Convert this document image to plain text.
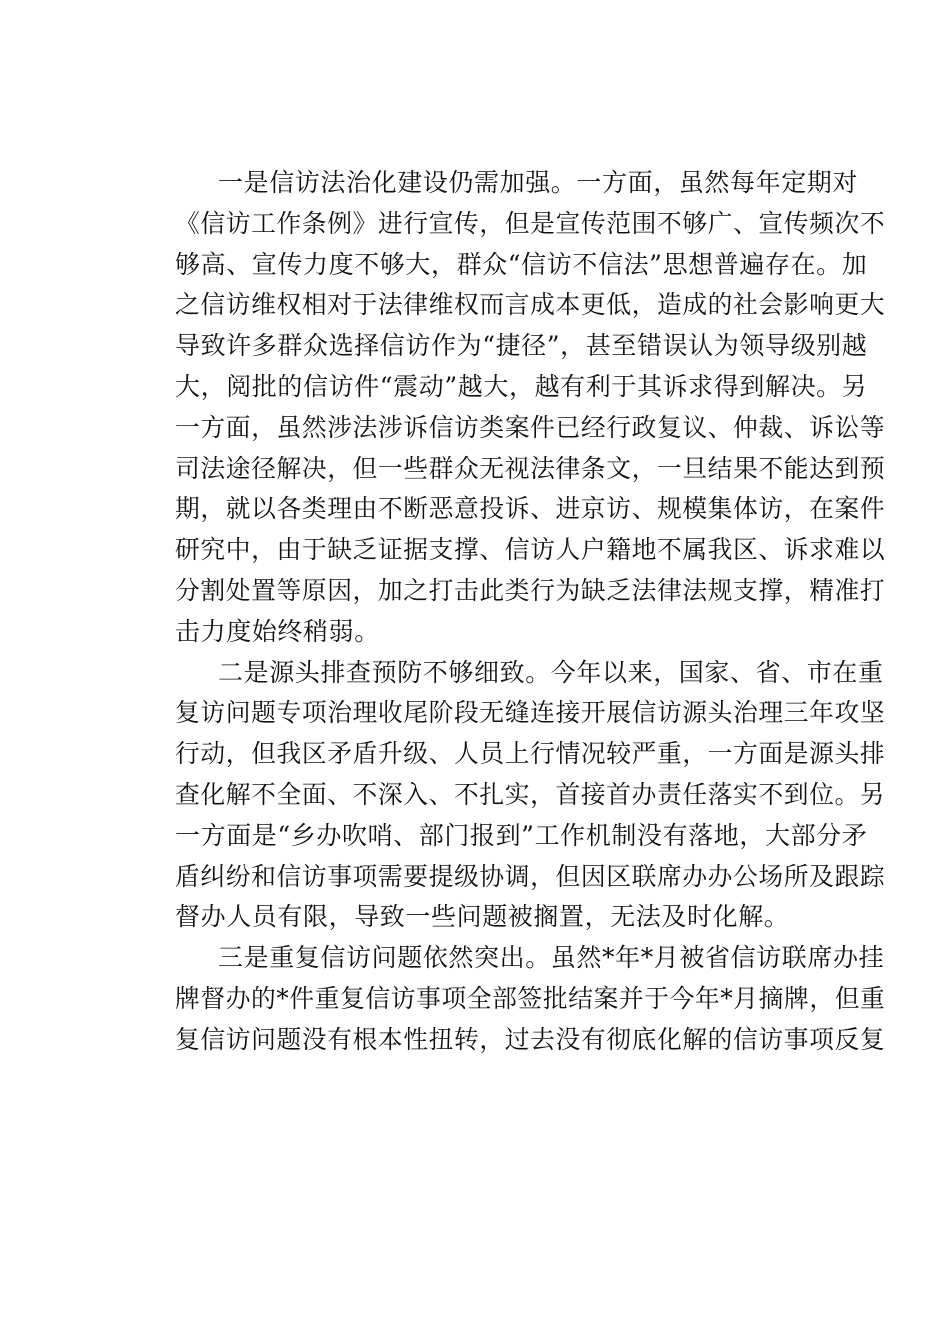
一是信访法治化建设仍需加强。一方面，虽然每年定期对
《信访工作条例》进行宣传，但是宣传范围不够广、宣传频次不
够高、宣传力度不够大，群众“信访不信法”思想普遍存在。加
之信访维权相对于法律维权而言成本更低，造成的社会影响更大
导致许多群众选择信访作为“捷径”，甚至错误认为领导级别越
大，阅批的信访件“震动”越大，越有利于其诉求得到解决。另
一方面，虽然涉法涉诉信访类案件已经行政复议、仲裁、诉讼等
司法途径解决，但一些群众无视法律条文，一旦结果不能达到预
期，就以各类理由不断恶意投诉、进京访、规模集体访，在案件
研究中，由于缺乏证据支撑、信访人户籍地不属我区、诉求难以
分割处置等原因，加之打击此类行为缺乏法律法规支撑，精准打
击力度始终稍弱。
二是源头排查预防不够细致。今年以来，国家、省、市在重
复访问题专项治理收尾阶段无缝连接开展信访源头治理三年攻坚
行动，但我区矛盾升级、人员上行情况较严重，一方面是源头排
查化解不全面、不深入、不扎实，首接首办责任落实不到位。另
一方面是“乡办吹哨、部门报到”工作机制没有落地，大部分矛
盾纠纷和信访事项需要提级协调，但因区联席办办公场所及跟踪
督办人员有限，导致一些问题被搁置，无法及时化解。
三是重复信访问题依然突出。虽然*年*月被省信访联席办挂
牌督办的*件重复信访事项全部签批结案并于今年*月摘牌，但重
复信访问题没有根本性扭转，过去没有彻底化解的信访事项反复
